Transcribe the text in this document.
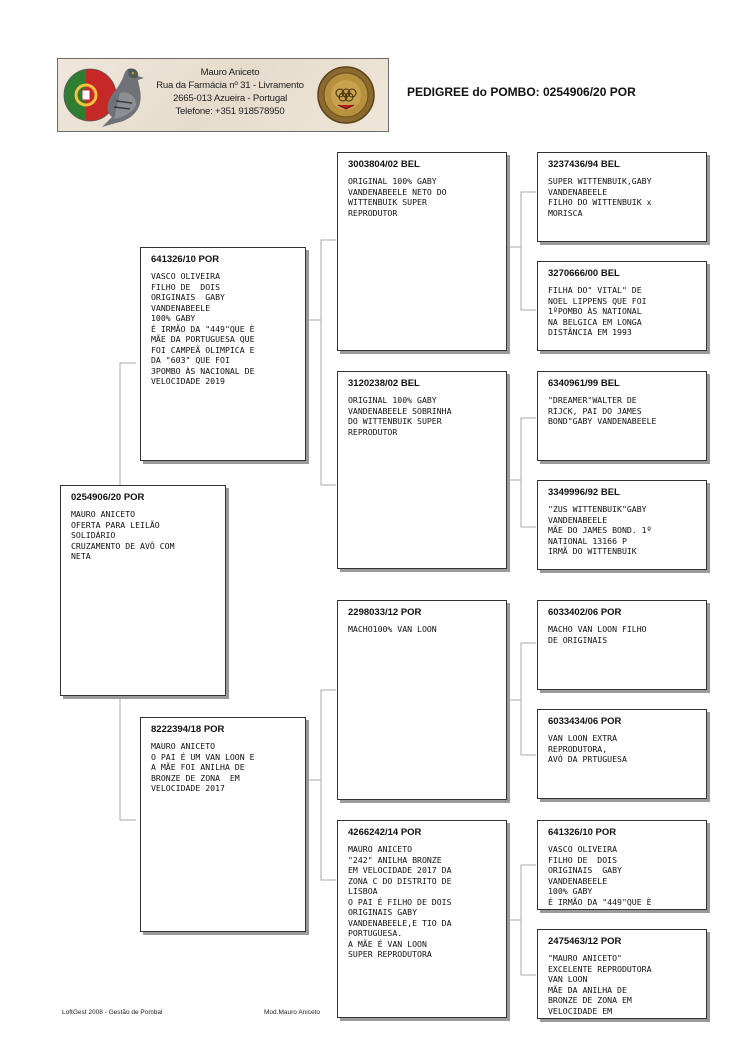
Mauro Aniceto
Rua da Farmácia nº 31 - Livramento
2665-013 Azueira - Portugal
Telefone: +351 918578950
PEDIGREE do POMBO: 0254906/20 POR
0254906/20 POR
MAURO ANICETO
OFERTA PARA LEILÃO
SOLIDÁRIO
CRUZAMENTO DE AVÔ COM
NETA
641326/10 POR
VASCO OLIVEIRA
FILHO DE  DOIS
ORIGINAIS  GABY
VANDENABEELE
100% GABY
É IRMÃO DA "449"QUE È
MÃE DA PORTUGUESA QUE
FOI CAMPEÃ OLIMPICA E
DA "603" QUE FOI
3POMBO ÀS NACIONAL DE
VELOCIDADE 2019
8222394/18 POR
MAURO ANICETO
O PAI É UM VAN LOON E
A MÃE FOI ANILHA DE
BRONZE DE ZONA  EM
VELOCIDADE 2017
3003804/02 BEL
ORIGINAL 100% GABY
VANDENABEELE NETO DO
WITTENBUIK SUPER
REPRODUTOR
3120238/02 BEL
ORIGINAL 100% GABY
VANDENABEELE SOBRINHA
DO WITTENBUIK SUPER
REPRODUTOR
2298033/12 POR
MACHO100% VAN LOON
4266242/14 POR
MAURO ANICETO
"242" ANILHA BRONZE
EM VELOCIDADE 2017 DA
ZONA C DO DISTRITO DE
LISBOA
O PAI É FILHO DE DOIS
ORIGINAIS GABY
VANDENABEELE,E TIO DA
PORTUGUESA.
A MÃE É VAN LOON
SUPER REPRODUTORA
3237436/94 BEL
SUPER WITTENBUIK,GABY
VANDENABEELE
FILHO DO WITTENBUIK x
MORISCA
3270666/00 BEL
FILHA DO" VITAL" DE
NOEL LIPPENS QUE FOI
1ºPOMBO ÀS NATIONAL
NA BELGICA EM LONGA
DISTÂNCIA EM 1993
6340961/99 BEL
"DREAMER"WALTER DE
RIJCK, PAI DO JAMES
BOND"GABY VANDENABEELE
3349996/92 BEL
"ZUS WITTENBUIK"GABY
VANDENABEELE
MÃE DO JAMES BOND. 1º
NATIONAL 13166 P
IRMÃ DO WITTENBUIK
6033402/06 POR
MACHO VAN LOON FILHO
DE ORIGINAIS
6033434/06 POR
VAN LOON EXTRA
REPRODUTORA,
AVÓ DA PRTUGUESA
641326/10 POR
VASCO OLIVEIRA
FILHO DE  DOIS
ORIGINAIS  GABY
VANDENABEELE
100% GABY
É IRMÃO DA "449"QUE È
2475463/12 POR
"MAURO ANICETO"
EXCELENTE REPRODUTORA
VAN LOON
MÃE DA ANILHA DE
BRONZE DE ZONA EM
VELOCIDADE EM
LoftGest 2008 - Gestão de Pombal	Mod.Mauro Aniceto
